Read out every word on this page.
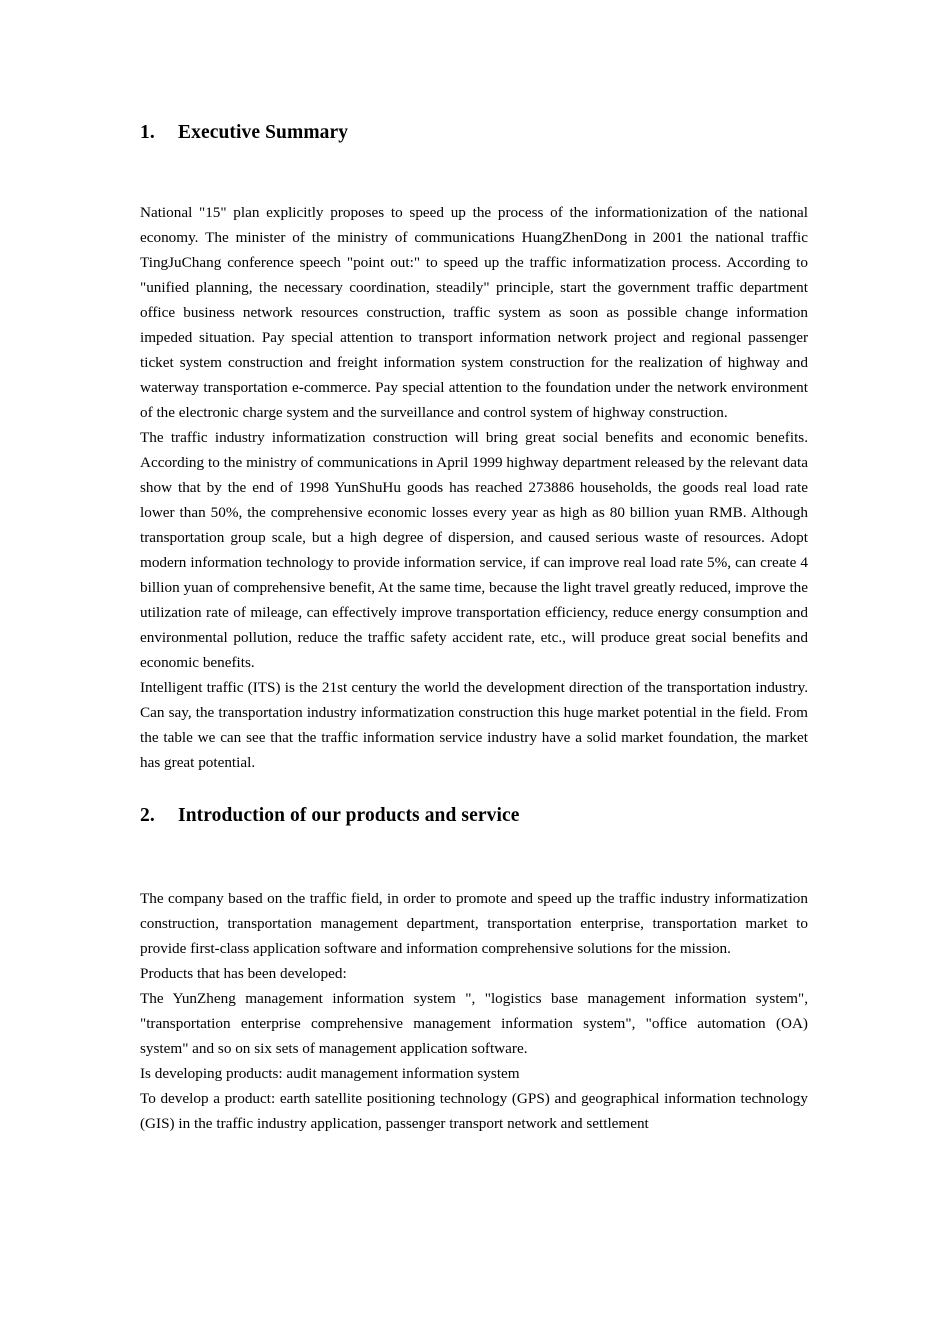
1.	Executive Summary

National "15" plan explicitly proposes to speed up the process of the informationization of the national economy. The minister of the ministry of communications HuangZhenDong in 2001 the national traffic TingJuChang conference speech "point out:" to speed up the traffic informatization process. According to "unified planning, the necessary coordination, steadily" principle, start the government traffic department office business network resources construction, traffic system as soon as possible change information impeded situation. Pay special attention to transport information network project and regional passenger ticket system construction and freight information system construction for the realization of highway and waterway transportation e-commerce. Pay special attention to the foundation under the network environment of the electronic charge system and the surveillance and control system of highway construction.

The traffic industry informatization construction will bring great social benefits and economic benefits. According to the ministry of communications in April 1999 highway department released by the relevant data show that by the end of 1998 YunShuHu goods has reached 273886 households, the goods real load rate lower than 50%, the comprehensive economic losses every year as high as 80 billion yuan RMB. Although transportation group scale, but a high degree of dispersion, and caused serious waste of resources. Adopt modern information technology to provide information service, if can improve real load rate 5%, can create 4 billion yuan of comprehensive benefit, At the same time, because the light travel greatly reduced, improve the utilization rate of mileage, can effectively improve transportation efficiency, reduce energy consumption and environmental pollution, reduce the traffic safety accident rate, etc., will produce great social benefits and economic benefits.

Intelligent traffic (ITS) is the 21st century the world the development direction of the transportation industry. Can say, the transportation industry informatization construction this huge market potential in the field. From the table we can see that the traffic information service industry have a solid market foundation, the market has great potential.

2.	Introduction of our products and service

The company based on the traffic field, in order to promote and speed up the traffic industry informatization construction, transportation management department, transportation enterprise, transportation market to provide first-class application software and information comprehensive solutions for the mission.

Products that has been developed:

The YunZheng management information system ", "logistics base management information system", "transportation enterprise comprehensive management information system", "office automation (OA) system" and so on six sets of management application software.

Is developing products: audit management information system

To develop a product: earth satellite positioning technology (GPS) and geographical information technology (GIS) in the traffic industry application, passenger transport network and settlement
